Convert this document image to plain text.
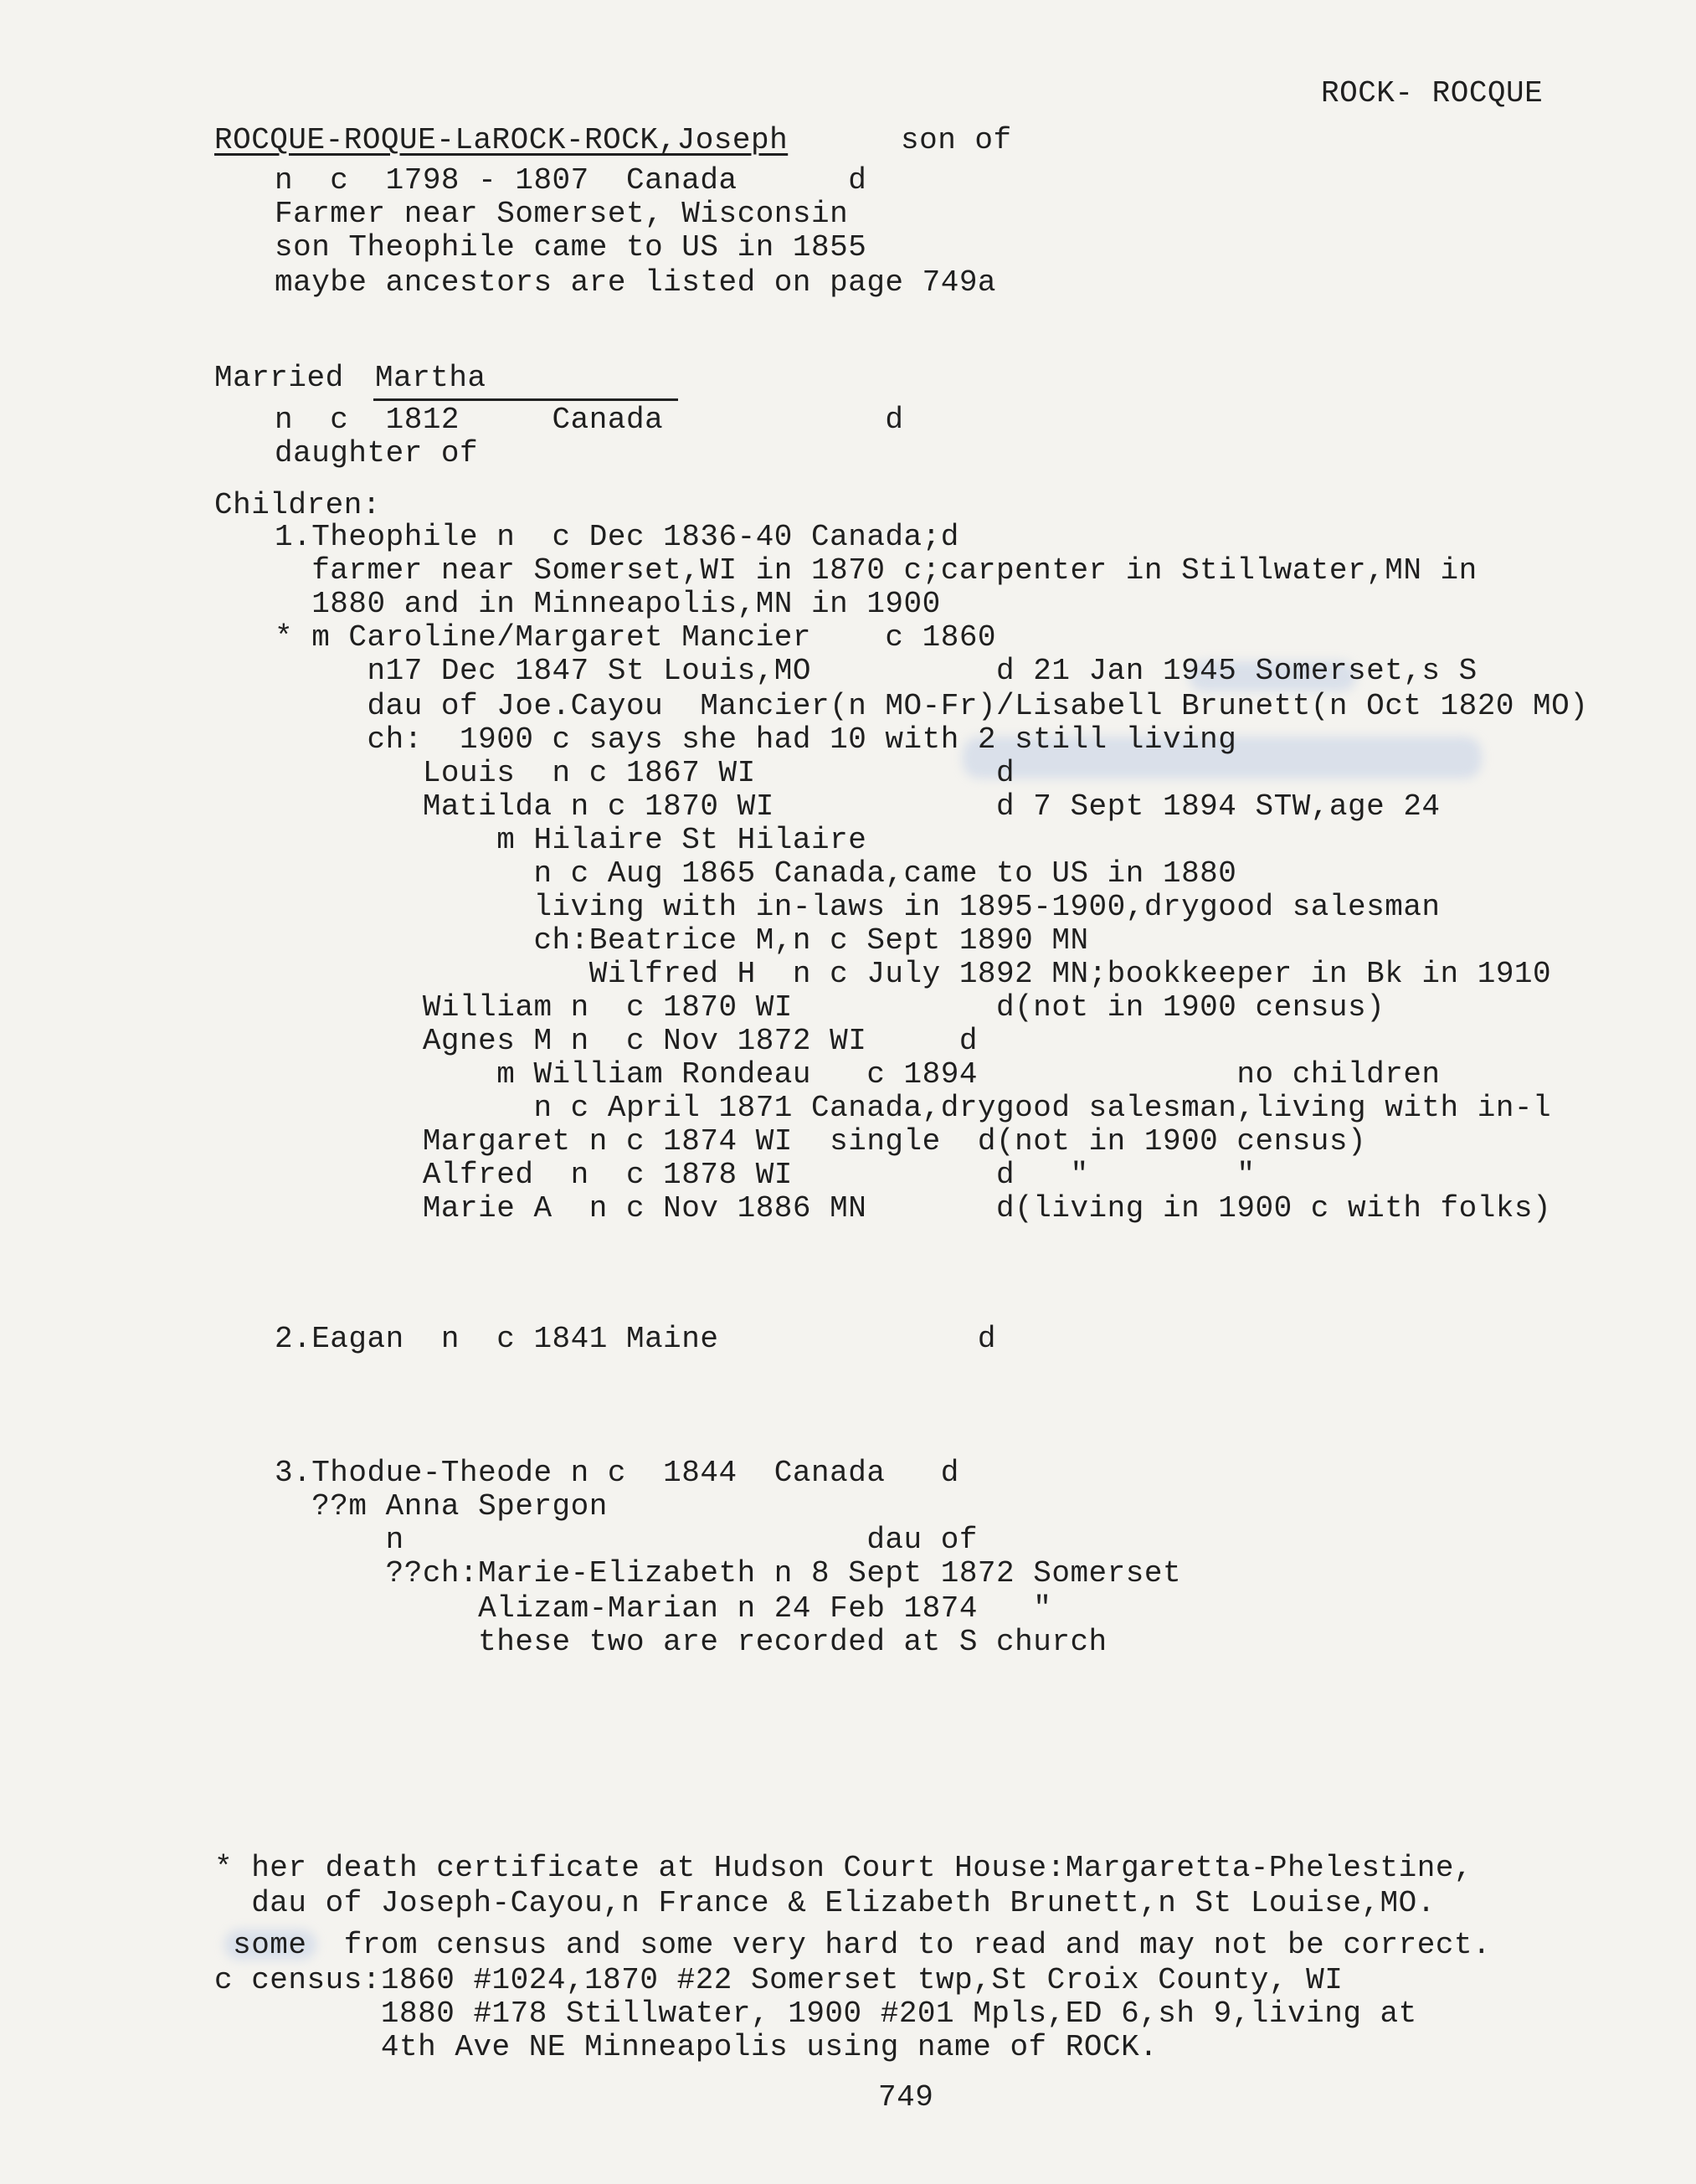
ROCK- ROCQUE
ROCQUE-ROQUE-LaROCK-ROCK,Joseph	son of
n  c  1798 - 1807  Canada      d
Farmer near Somerset, Wisconsin
son Theophile came to US in 1855
maybe ancestors are listed on page 749a
Married Martha
n  c  1812     Canada            d
daughter of
Children:
1.Theophile n  c Dec 1836-40 Canada;d
farmer near Somerset,WI in 1870 c;carpenter in Stillwater,MN in
1880 and in Minneapolis,MN in 1900
* m Caroline/Margaret Mancier    c 1860
n17 Dec 1847 St Louis,MO          d 21 Jan 1945 Somerset,s S
dau of Joe.Cayou  Mancier(n MO-Fr)/Lisabell Brunett(n Oct 1820 MO)
ch:  1900 c says she had 10 with 2 still living
Louis  n c 1867 WI             d
Matilda n c 1870 WI            d 7 Sept 1894 STW,age 24
m Hilaire St Hilaire
n c Aug 1865 Canada,came to US in 1880
living with in-laws in 1895-1900,drygood salesman
ch:Beatrice M,n c Sept 1890 MN
Wilfred H  n c July 1892 MN;bookkeeper in Bk in 1910
William n  c 1870 WI           d(not in 1900 census)
Agnes M n  c Nov 1872 WI     d
m William Rondeau   c 1894              no children
n c April 1871 Canada,drygood salesman,living with in-l
Margaret n c 1874 WI  single  d(not in 1900 census)
Alfred  n  c 1878 WI           d   "        "
Marie A  n c Nov 1886 MN       d(living in 1900 c with folks)
2.Eagan  n  c 1841 Maine              d
3.Thodue-Theode n c  1844  Canada   d
??m Anna Spergon
n                         dau of
??ch:Marie-Elizabeth n 8 Sept 1872 Somerset
Alizam-Marian n 24 Feb 1874   "
these two are recorded at S church
* her death certificate at Hudson Court House:Margaretta-Phelestine,
dau of Joseph-Cayou,n France & Elizabeth Brunett,n St Louise,MO.
some  from census and some very hard to read and may not be correct.
c census:1860 #1024,1870 #22 Somerset twp,St Croix County, WI
1880 #178 Stillwater, 1900 #201 Mpls,ED 6,sh 9,living at
4th Ave NE Minneapolis using name of ROCK.
749
